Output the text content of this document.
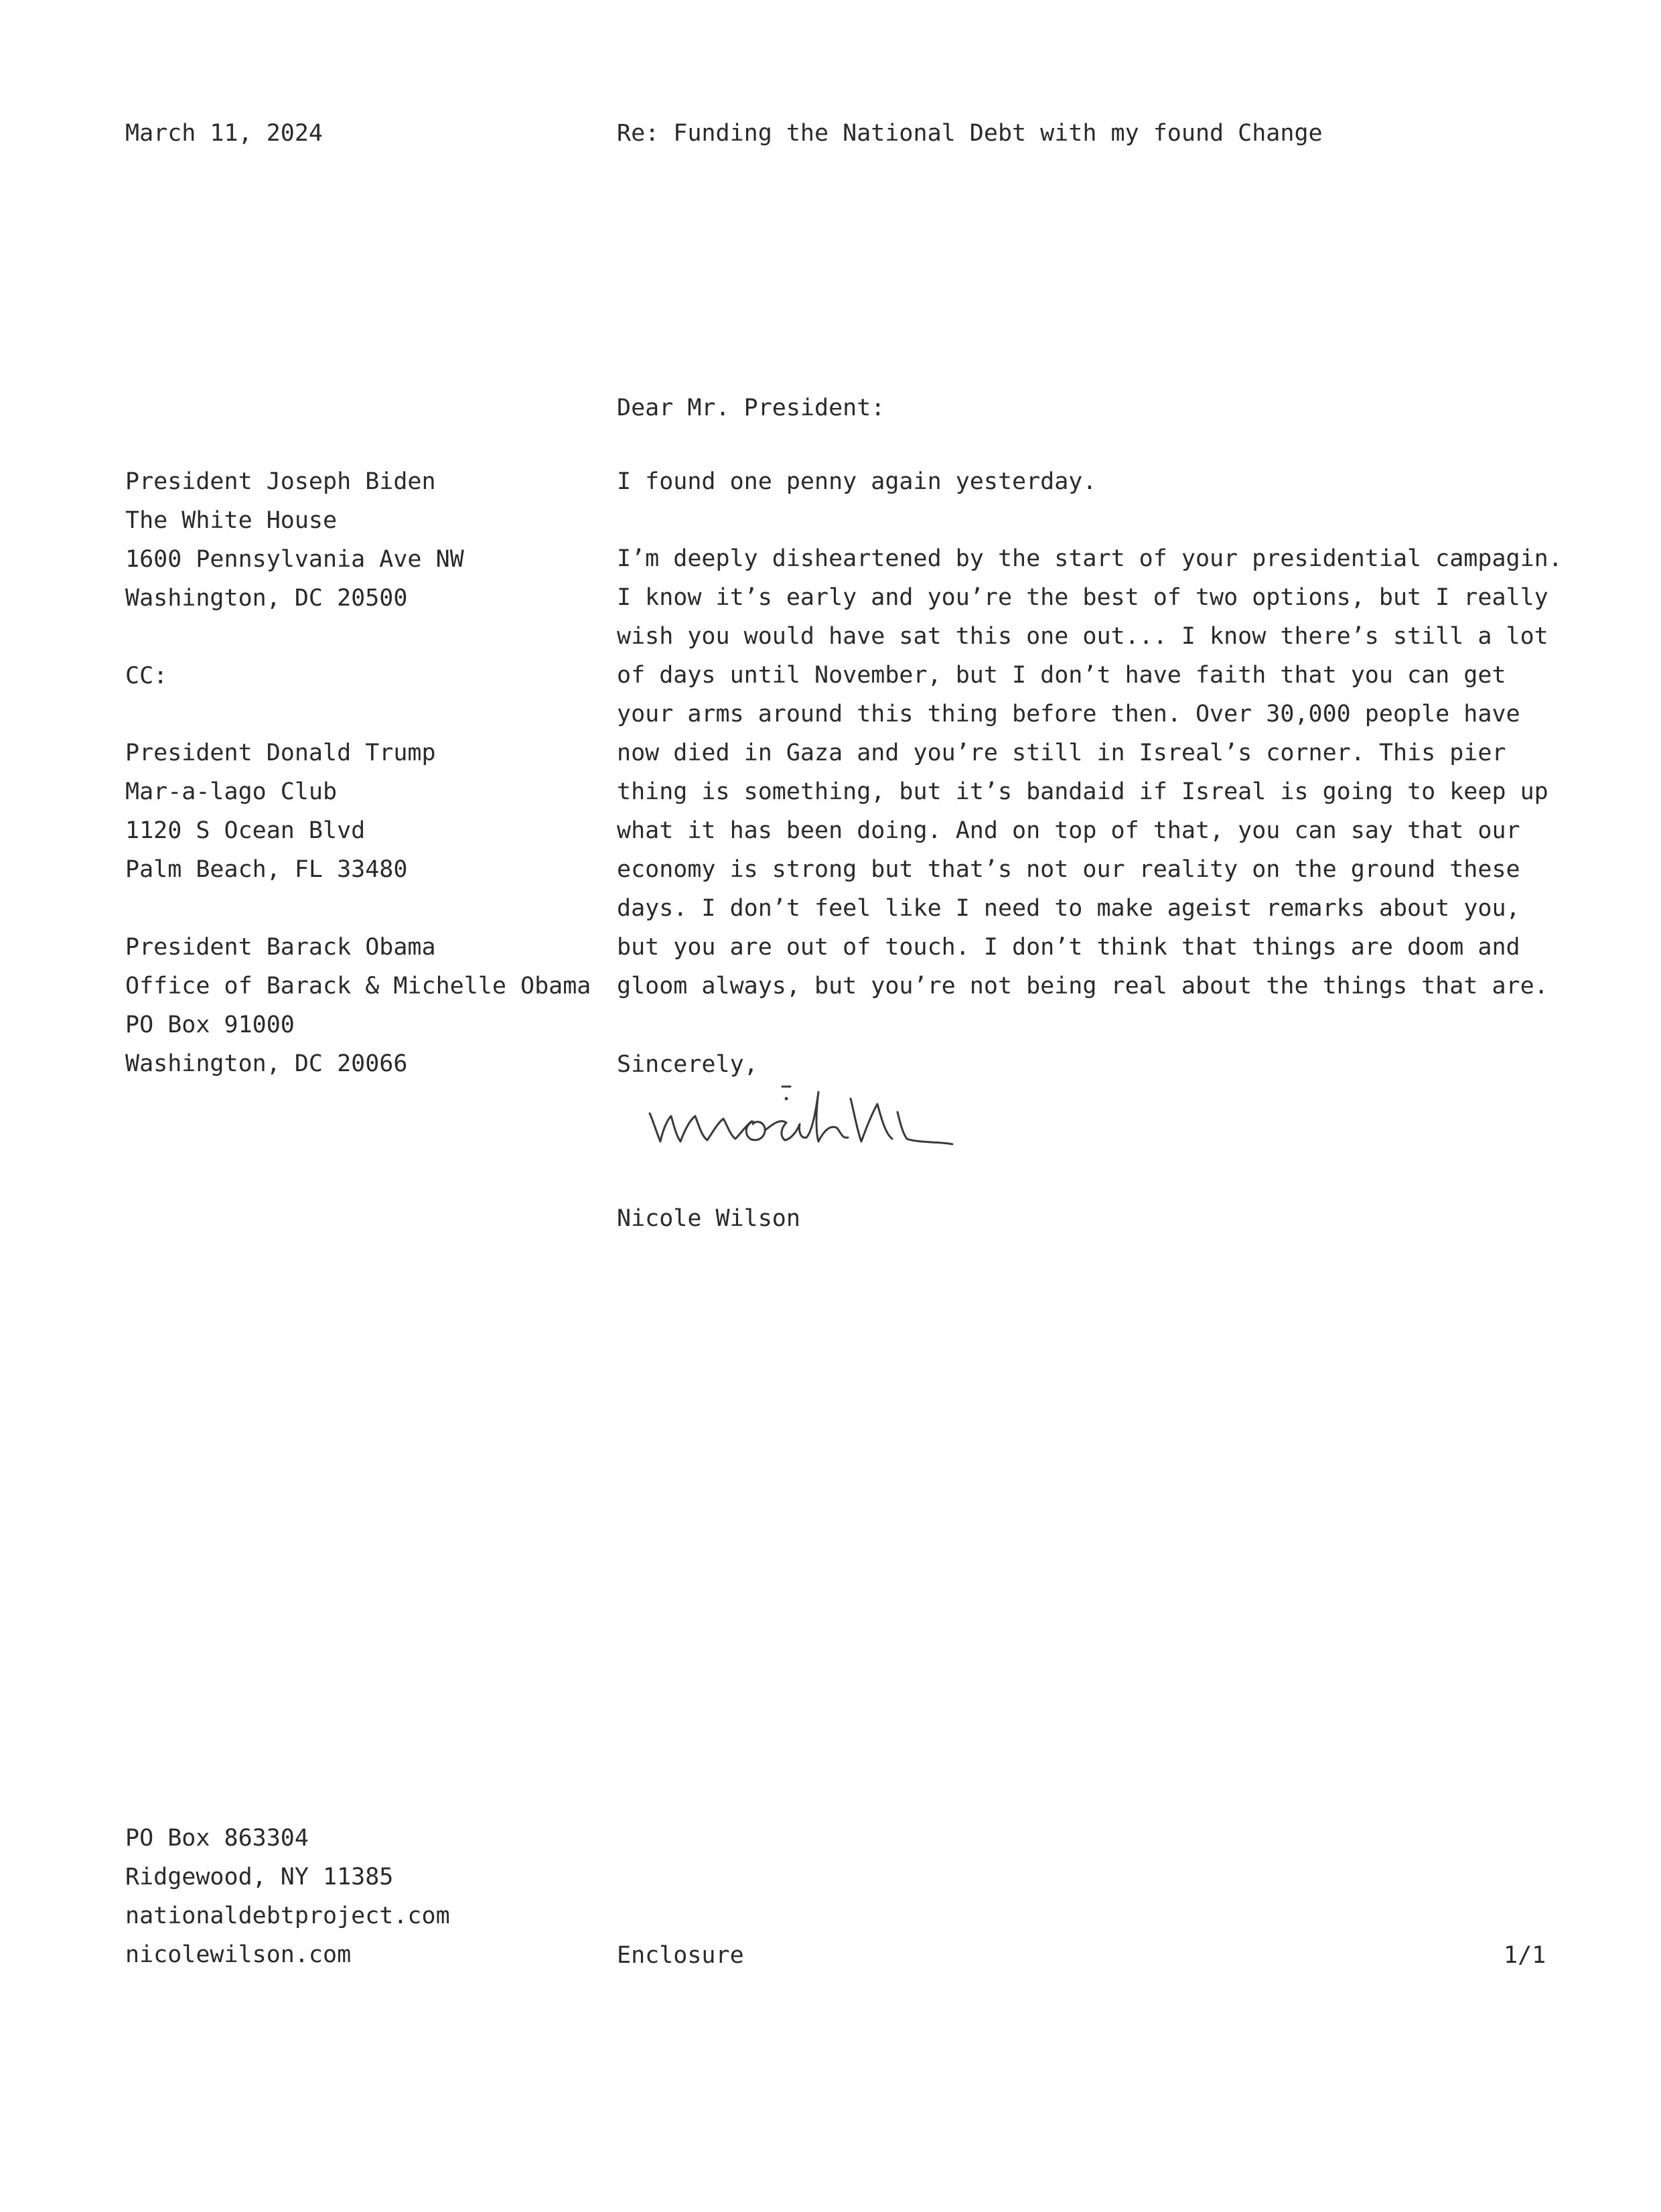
March 11, 2024	Re: Funding the National Debt with my found Change
Dear Mr. President:
President Joseph Biden
The White House
1600 Pennsylvania Ave NW
Washington, DC 20500
CC:
President Donald Trump
Mar-a-lago Club
1120 S Ocean Blvd
Palm Beach, FL 33480
President Barack Obama
Office of Barack & Michelle Obama
PO Box 91000
Washington, DC 20066
I found one penny again yesterday.
I’m deeply disheartened by the start of your presidential campagin.
I know it’s early and you’re the best of two options, but I really
wish you would have sat this one out... I know there’s still a lot
of days until November, but I don’t have faith that you can get
your arms around this thing before then. Over 30,000 people have
now died in Gaza and you’re still in Isreal’s corner. This pier
thing is something, but it’s bandaid if Isreal is going to keep up
what it has been doing. And on top of that, you can say that our
economy is strong but that’s not our reality on the ground these
days. I don’t feel like I need to make ageist remarks about you,
but you are out of touch. I don’t think that things are doom and
gloom always, but you’re not being real about the things that are.
Sincerely,
Nicole Wilson
PO Box 863304
Ridgewood, NY 11385
nationaldebtproject.com
nicolewilson.com	Enclosure	1/1
